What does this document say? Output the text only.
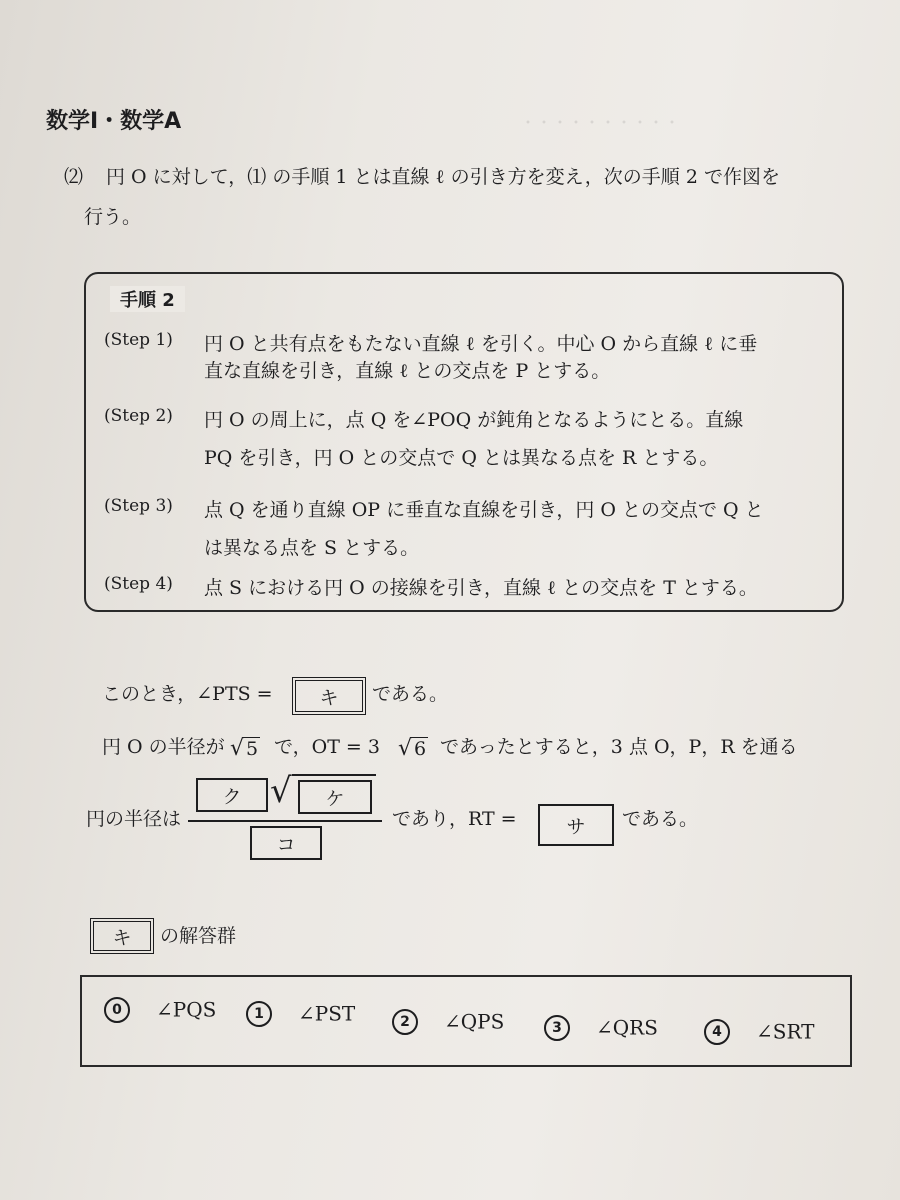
・・・・・・・・・・
数学Ⅰ・数学A
⑵ 円 O に対して，⑴ の手順 1 とは直線 ℓ の引き方を変え，次の手順 2 で作図を
行う。
手順 2
(Step 1) 円 O と共有点をもたない直線 ℓ を引く。中心 O から直線 ℓ に垂
直な直線を引き，直線 ℓ との交点を P とする。
(Step 2) 円 O の周上に，点 Q を∠POQ が鈍角となるようにとる。直線
PQ を引き，円 O との交点で Q とは異なる点を R とする。
(Step 3) 点 Q を通り直線 OP に垂直な直線を引き，円 O との交点で Q と
は異なる点を S とする。
(Step 4) 点 S における円 O の接線を引き，直線 ℓ との交点を T とする。
このとき，∠PTS = キ である。
円 O の半径が √ 5 で，OT = 3 √ 6 であったとすると，3 点 O，P，R を通る
円の半径は
ク √ ケ
コ
であり，RT =	サ である。
キ の解答群
0 ∠PQS	1 ∠PST	2 ∠QPS	3 ∠QRS	4 ∠SRT
